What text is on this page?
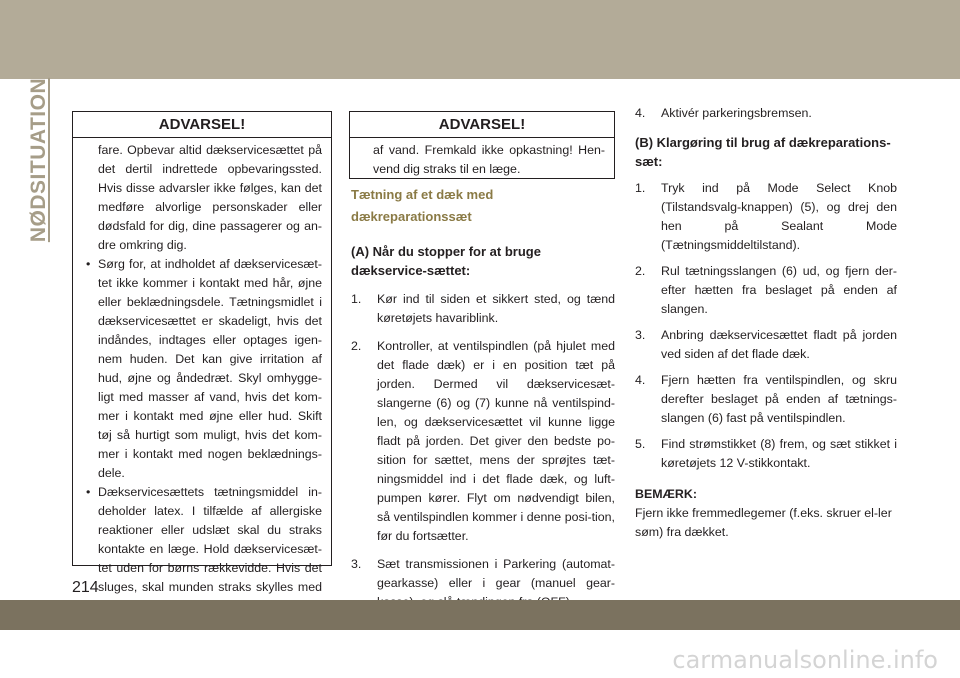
NØDSITUATION	ADVARSEL!

fare. Opbevar altid dækservicesættet på det dertil indrettede opbevaringssted. Hvis disse advarsler ikke følges, kan det medføre alvorlige personskader eller dødsfald for dig, dine passagerer og an-dre omkring dig.

• Sørg for, at indholdet af dækservicesæt-tet ikke kommer i kontakt med hår, øjne eller beklædningsdele. Tætningsmidlet i dækservicesættet er skadeligt, hvis det indåndes, indtages eller optages igen-nem huden. Det kan give irritation af hud, øjne og åndedræt. Skyl omhygge-ligt med masser af vand, hvis det kom-mer i kontakt med øjne eller hud. Skift tøj så hurtigt som muligt, hvis det kom-mer i kontakt med nogen beklædnings-dele.
• Dækservicesættets tætningsmiddel in-deholder latex. I tilfælde af allergiske reaktioner eller udslæt skal du straks kontakte en læge. Hold dækservicesæt-tet uden for børns rækkevidde. Hvis det sluges, skal munden straks skylles med
ADVARSEL!

af vand. Fremkald ikke opkastning! Hen-vend dig straks til en læge.

Tætning af et dæk med dækreparationssæt

(A) Når du stopper for at bruge dækservice-sættet:

1. Kør ind til siden et sikkert sted, og tænd køretøjets havariblink.
2. Kontroller, at ventilspindlen (på hjulet med det flade dæk) er i en position tæt på jorden. Dermed vil dækservicesæt-slangerne (6) og (7) kunne nå ventilspind-len, og dækservicesættet vil kunne ligge fladt på jorden. Det giver den bedste po-sition for sættet, mens der sprøjtes tæt-ningsmiddel ind i det flade dæk, og luft-pumpen kører. Flyt om nødvendigt bilen, så ventilspindlen kommer i denne posi-tion, før du fortsætter.
3. Sæt transmissionen i Parkering (automat-gearkasse) eller i gear (manuel gear-
4. Aktivér parkeringsbremsen.

(B) Klargøring til brug af dækreparations-sæt:

1. Tryk ind på Mode Select Knob (Tilstandsvalg-knappen) (5), og drej den hen på Sealant Mode (Tætningsmiddeltilstand).
2. Rul tætningsslangen (6) ud, og fjern der-efter hætten fra beslaget på enden af slangen.
3. Anbring dækservicesættet fladt på jorden ved siden af det flade dæk.
4. Fjern hætten fra ventilspindlen, og skru derefter beslaget på enden af tætnings-slangen (6) fast på ventilspindlen.
5. Find strømstikket (8) frem, og sæt stikket i køretøjets 12 V-stikkontakt.

BEMÆRK:

Fjern ikke fremmedlegemer (f.eks. skruer el-ler søm) fra dækket.

214
carmanualsonline.info
